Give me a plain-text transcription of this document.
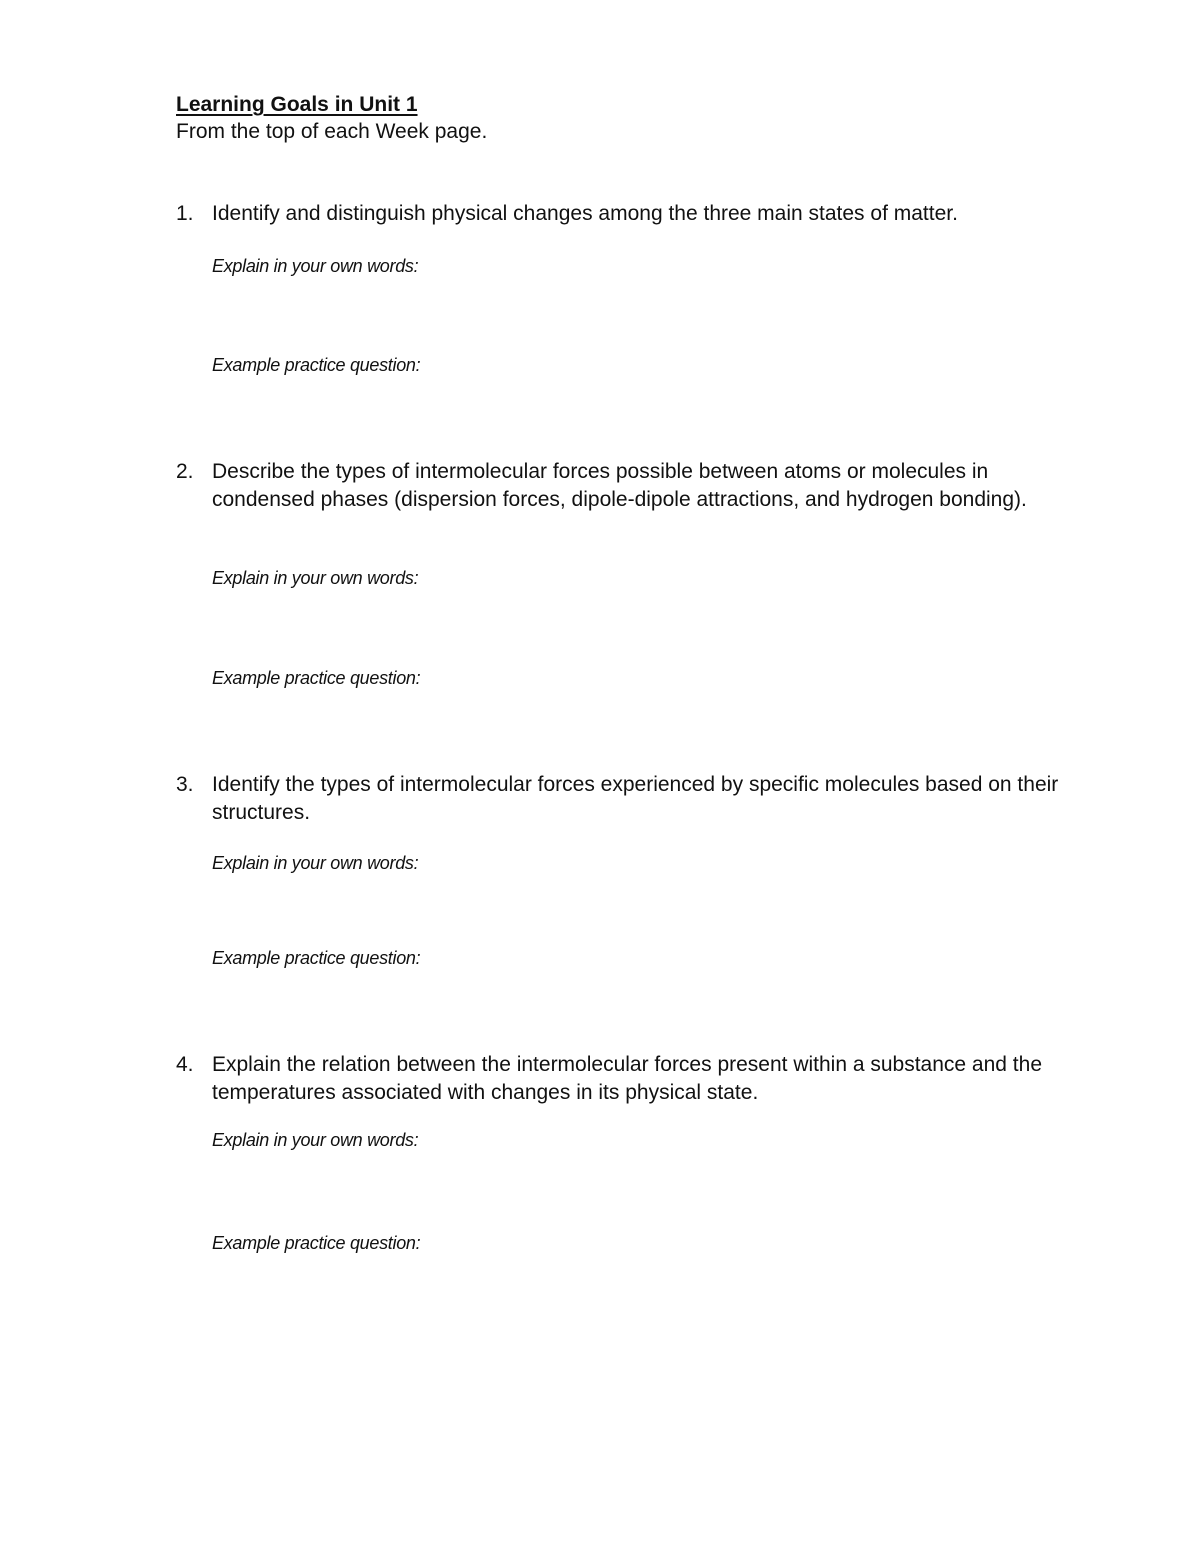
Learning Goals in Unit 1
From the top of each Week page.
1. Identify and distinguish physical changes among the three main states of matter.
Explain in your own words:
Example practice question:
2. Describe the types of intermolecular forces possible between atoms or molecules in condensed phases (dispersion forces, dipole-dipole attractions, and hydrogen bonding).
Explain in your own words:
Example practice question:
3. Identify the types of intermolecular forces experienced by specific molecules based on their structures.
Explain in your own words:
Example practice question:
4. Explain the relation between the intermolecular forces present within a substance and the temperatures associated with changes in its physical state.
Explain in your own words:
Example practice question:
